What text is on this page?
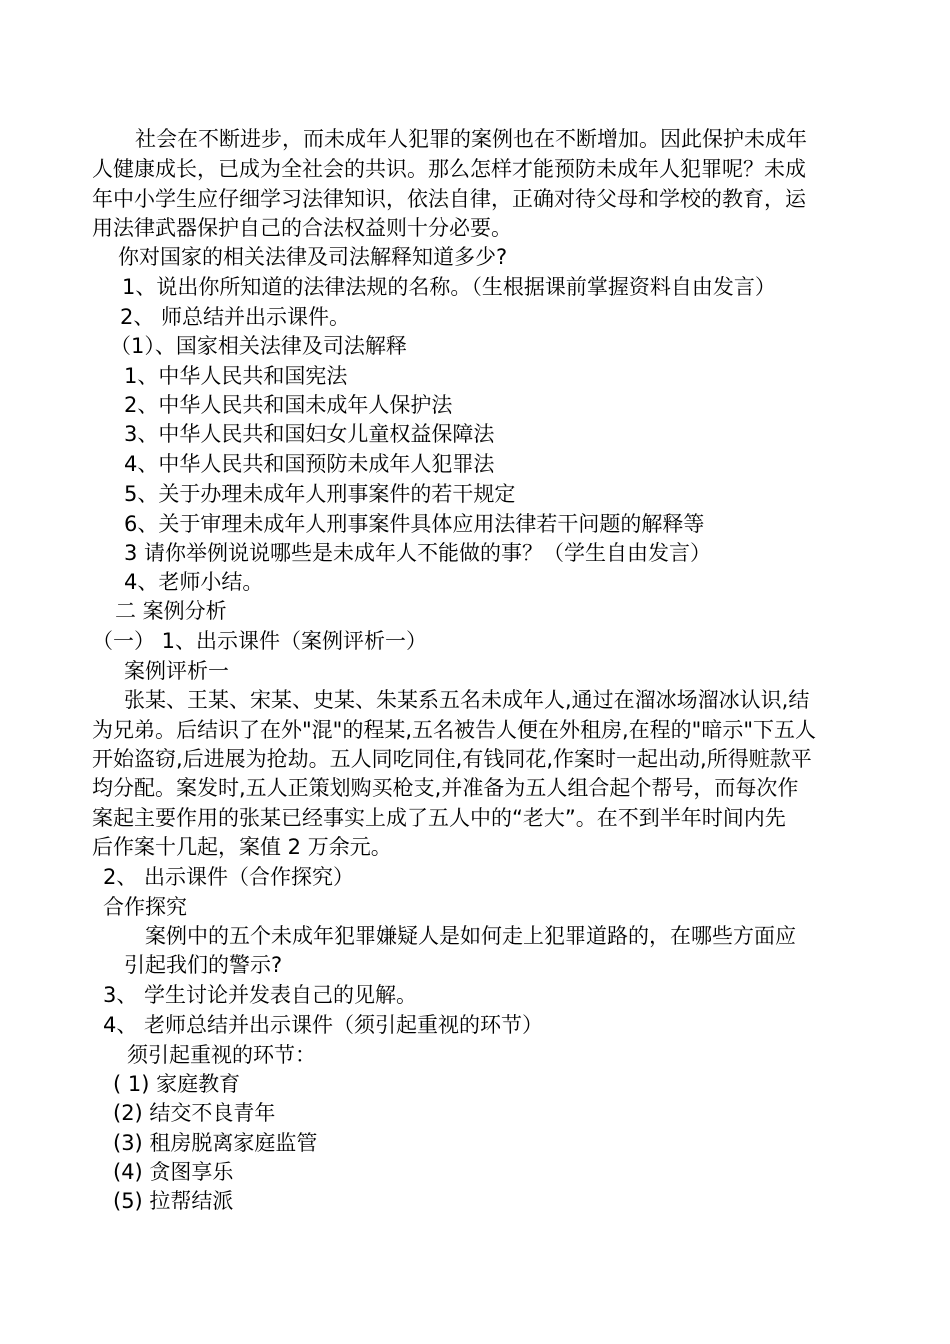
社会在不断进步，而未成年人犯罪的案例也在不断增加。因此保护未成年
人健康成长，已成为全社会的共识。那么怎样才能预防未成年人犯罪呢？未成
年中小学生应仔细学习法律知识，依法自律，正确对待父母和学校的教育，运
用法律武器保护自己的合法权益则十分必要。
你对国家的相关法律及司法解释知道多少?
1、说出你所知道的法律法规的名称。（生根据课前掌握资料自由发言）
2、 师总结并出示课件。
（1）、国家相关法律及司法解释
1、中华人民共和国宪法
2、中华人民共和国未成年人保护法
3、中华人民共和国妇女儿童权益保障法
4、中华人民共和国预防未成年人犯罪法
5、关于办理未成年人刑事案件的若干规定
6、关于审理未成年人刑事案件具体应用法律若干问题的解释等
3 请你举例说说哪些是未成年人不能做的事？（学生自由发言）
4、老师小结。
二 案例分析
（一） 1、出示课件（案例评析一）
案例评析一
张某、王某、宋某、史某、朱某系五名未成年人,通过在溜冰场溜冰认识,结
为兄弟。后结识了在外"混"的程某,五名被告人便在外租房,在程的"暗示"下五人
开始盗窃,后进展为抢劫。五人同吃同住,有钱同花,作案时一起出动,所得赃款平
均分配。案发时,五人正策划购买枪支,并准备为五人组合起个帮号，而每次作
案起主要作用的张某已经事实上成了五人中的“老大”。在不到半年时间内先
后作案十几起，案值 2 万余元。
2、 出示课件（合作探究）
合作探究
案例中的五个未成年犯罪嫌疑人是如何走上犯罪道路的，在哪些方面应
引起我们的警示?
3、 学生讨论并发表自己的见解。
4、 老师总结并出示课件（须引起重视的环节）
须引起重视的环节：
( 1) 家庭教育
(2) 结交不良青年
(3) 租房脱离家庭监管
(4) 贪图享乐
(5) 拉帮结派
